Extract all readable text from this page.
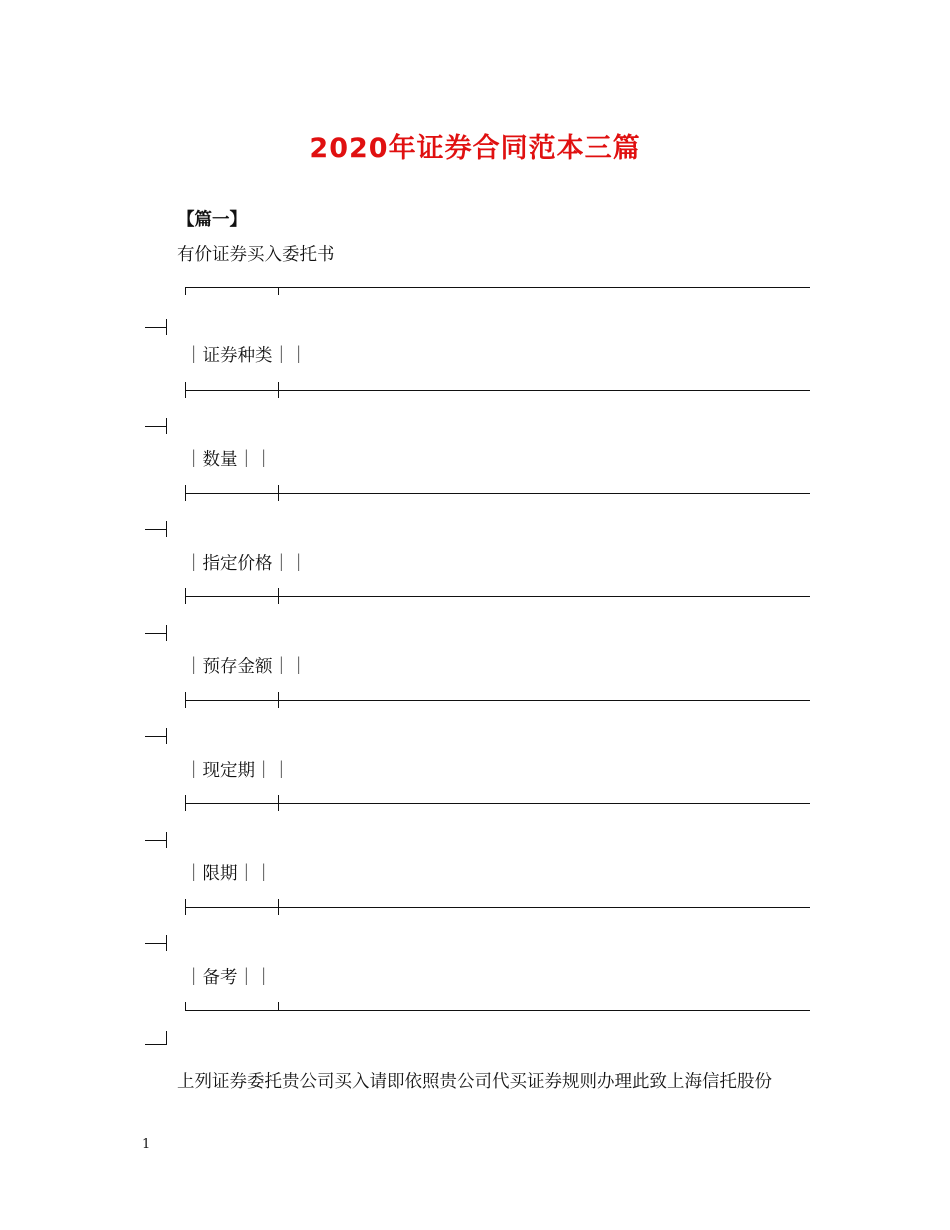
2020年证券合同范本三篇
【篇一】
有价证券买入委托书
｜证券种类｜｜
｜数量｜｜
｜指定价格｜｜
｜预存金额｜｜
｜现定期｜｜
｜限期｜｜
｜备考｜｜
上列证券委托贵公司买入请即依照贵公司代买证券规则办理此致上海信托股份
1
